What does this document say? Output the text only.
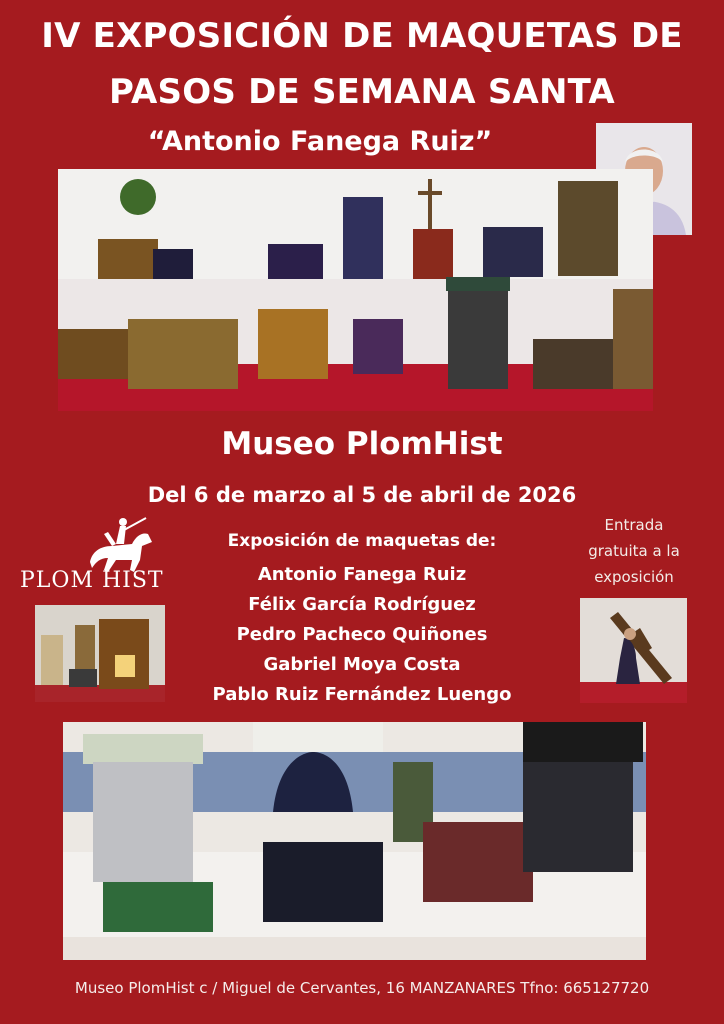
IV EXPOSICIÓN DE MAQUETAS DE
PASOS DE SEMANA SANTA
“Antonio Fanega Ruiz”
Museo PlomHist
Del 6 de marzo al 5 de abril de 2026
PLOM HIST
Exposición de maquetas de:
Antonio Fanega Ruiz
Félix García Rodríguez
Pedro Pacheco Quiñones
Gabriel Moya Costa
Pablo Ruiz Fernández Luengo
Entrada
gratuita a la
exposición
Museo PlomHist c / Miguel de Cervantes, 16 MANZANARES Tfno: 665127720
